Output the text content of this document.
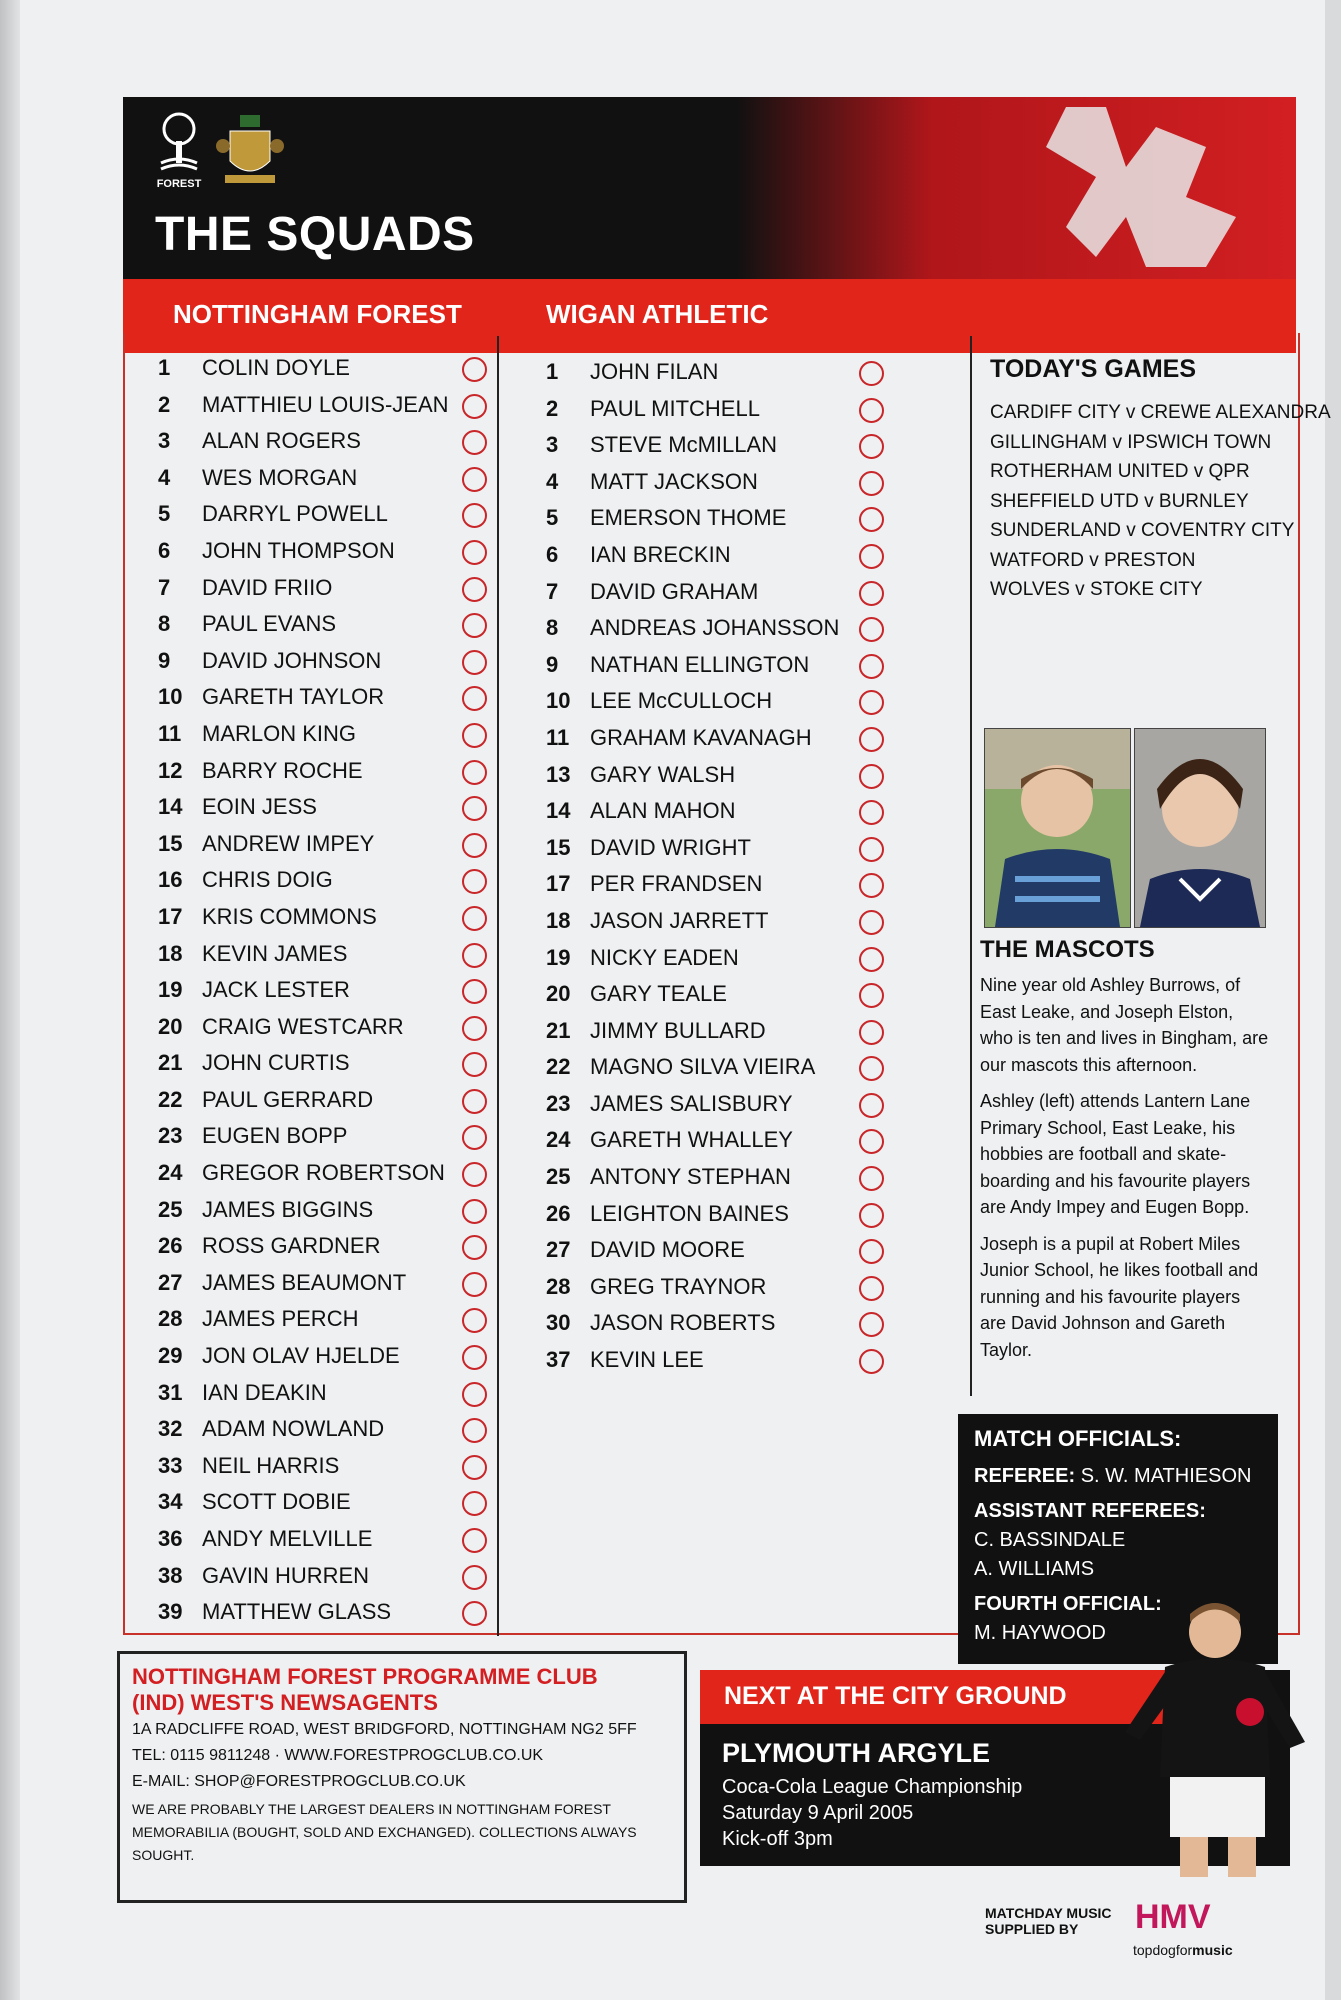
FOREST
THE SQUADS
NOTTINGHAM FOREST	WIGAN ATHLETIC
1 COLIN DOYLE
2 MATTHIEU LOUIS-JEAN
3 ALAN ROGERS
4 WES MORGAN
5 DARRYL POWELL
6 JOHN THOMPSON
7 DAVID FRIIO
8 PAUL EVANS
9 DAVID JOHNSON
10 GARETH TAYLOR
11 MARLON KING
12 BARRY ROCHE
14 EOIN JESS
15 ANDREW IMPEY
16 CHRIS DOIG
17 KRIS COMMONS
18 KEVIN JAMES
19 JACK LESTER
20 CRAIG WESTCARR
21 JOHN CURTIS
22 PAUL GERRARD
23 EUGEN BOPP
24 GREGOR ROBERTSON
25 JAMES BIGGINS
26 ROSS GARDNER
27 JAMES BEAUMONT
28 JAMES PERCH
29 JON OLAV HJELDE
31 IAN DEAKIN
32 ADAM NOWLAND
33 NEIL HARRIS
34 SCOTT DOBIE
36 ANDY MELVILLE
38 GAVIN HURREN
39 MATTHEW GLASS
1 JOHN FILAN
2 PAUL MITCHELL
3 STEVE McMILLAN
4 MATT JACKSON
5 EMERSON THOME
6 IAN BRECKIN
7 DAVID GRAHAM
8 ANDREAS JOHANSSON
9 NATHAN ELLINGTON
10 LEE McCULLOCH
11 GRAHAM KAVANAGH
13 GARY WALSH
14 ALAN MAHON
15 DAVID WRIGHT
17 PER FRANDSEN
18 JASON JARRETT
19 NICKY EADEN
20 GARY TEALE
21 JIMMY BULLARD
22 MAGNO SILVA VIEIRA
23 JAMES SALISBURY
24 GARETH WHALLEY
25 ANTONY STEPHAN
26 LEIGHTON BAINES
27 DAVID MOORE
28 GREG TRAYNOR
30 JASON ROBERTS
37 KEVIN LEE
TODAY'S GAMES
CARDIFF CITY v CREWE ALEXANDRA
GILLINGHAM v IPSWICH TOWN
ROTHERHAM UNITED v QPR
SHEFFIELD UTD v BURNLEY
SUNDERLAND v COVENTRY CITY
WATFORD v PRESTON
WOLVES v STOKE CITY
THE MASCOTS

Nine year old Ashley Burrows, of East Leake, and Joseph Elston, who is ten and lives in Bingham, are our mascots this afternoon.

Ashley (left) attends Lantern Lane Primary School, East Leake, his hobbies are football and skate-boarding and his favourite players are Andy Impey and Eugen Bopp.

Joseph is a pupil at Robert Miles Junior School, he likes football and running and his favourite players are David Johnson and Gareth Taylor.

MATCH OFFICIALS:
REFEREE: S. W. MATHIESON
ASSISTANT REFEREES:
C. BASSINDALE
A. WILLIAMS
FOURTH OFFICIAL:
M. HAYWOOD
NOTTINGHAM FOREST PROGRAMME CLUB
(IND) WEST'S NEWSAGENTS
1A RADCLIFFE ROAD, WEST BRIDGFORD, NOTTINGHAM NG2 5FF
TEL: 0115 9811248 · WWW.FORESTPROGCLUB.CO.UK
E-MAIL: SHOP@FORESTPROGCLUB.CO.UK
WE ARE PROBABLY THE LARGEST DEALERS IN NOTTINGHAM FOREST MEMORABILIA (BOUGHT, SOLD AND EXCHANGED). COLLECTIONS ALWAYS SOUGHT.
NEXT AT THE CITY GROUND
PLYMOUTH ARGYLE
Coca-Cola League Championship
Saturday 9 April 2005
Kick-off 3pm
MATCHDAY MUSIC
SUPPLIED BY	HMV
topdogformusic
